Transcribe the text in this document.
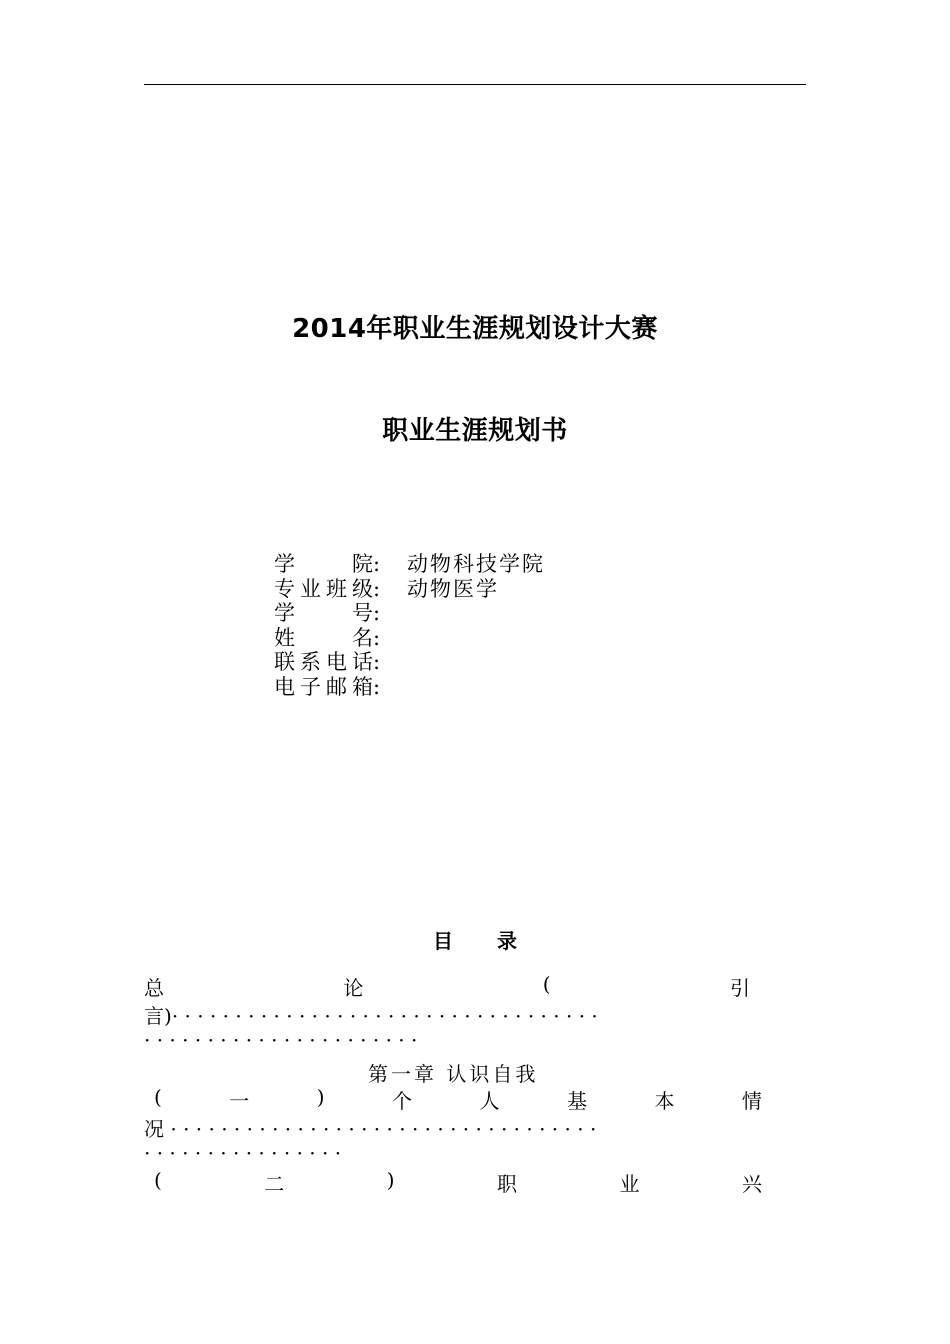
2014年职业生涯规划设计大赛
职业生涯规划书
学	院 :	动物科技学院
专 业 班 级 :	动物医学
学	号 :
姓	名 :
联 系 电 话 :
电 子 邮 箱 :
目 录
总	论	(	引
言)· · · · · · · · · · · · · · · · · · · · · · · · · · · · · · · · · ·
· · · · · · · · · · · · · · · · · · · · · ·
第一章 认识自我
(	一	)	个	人	基	本	情
况 · · · · · · · · · · · · · · · · · · · · · · · · · · · · · · · · · ·
· · · · · · · · · · · · · · · ·
(	二	)	职	业	兴
